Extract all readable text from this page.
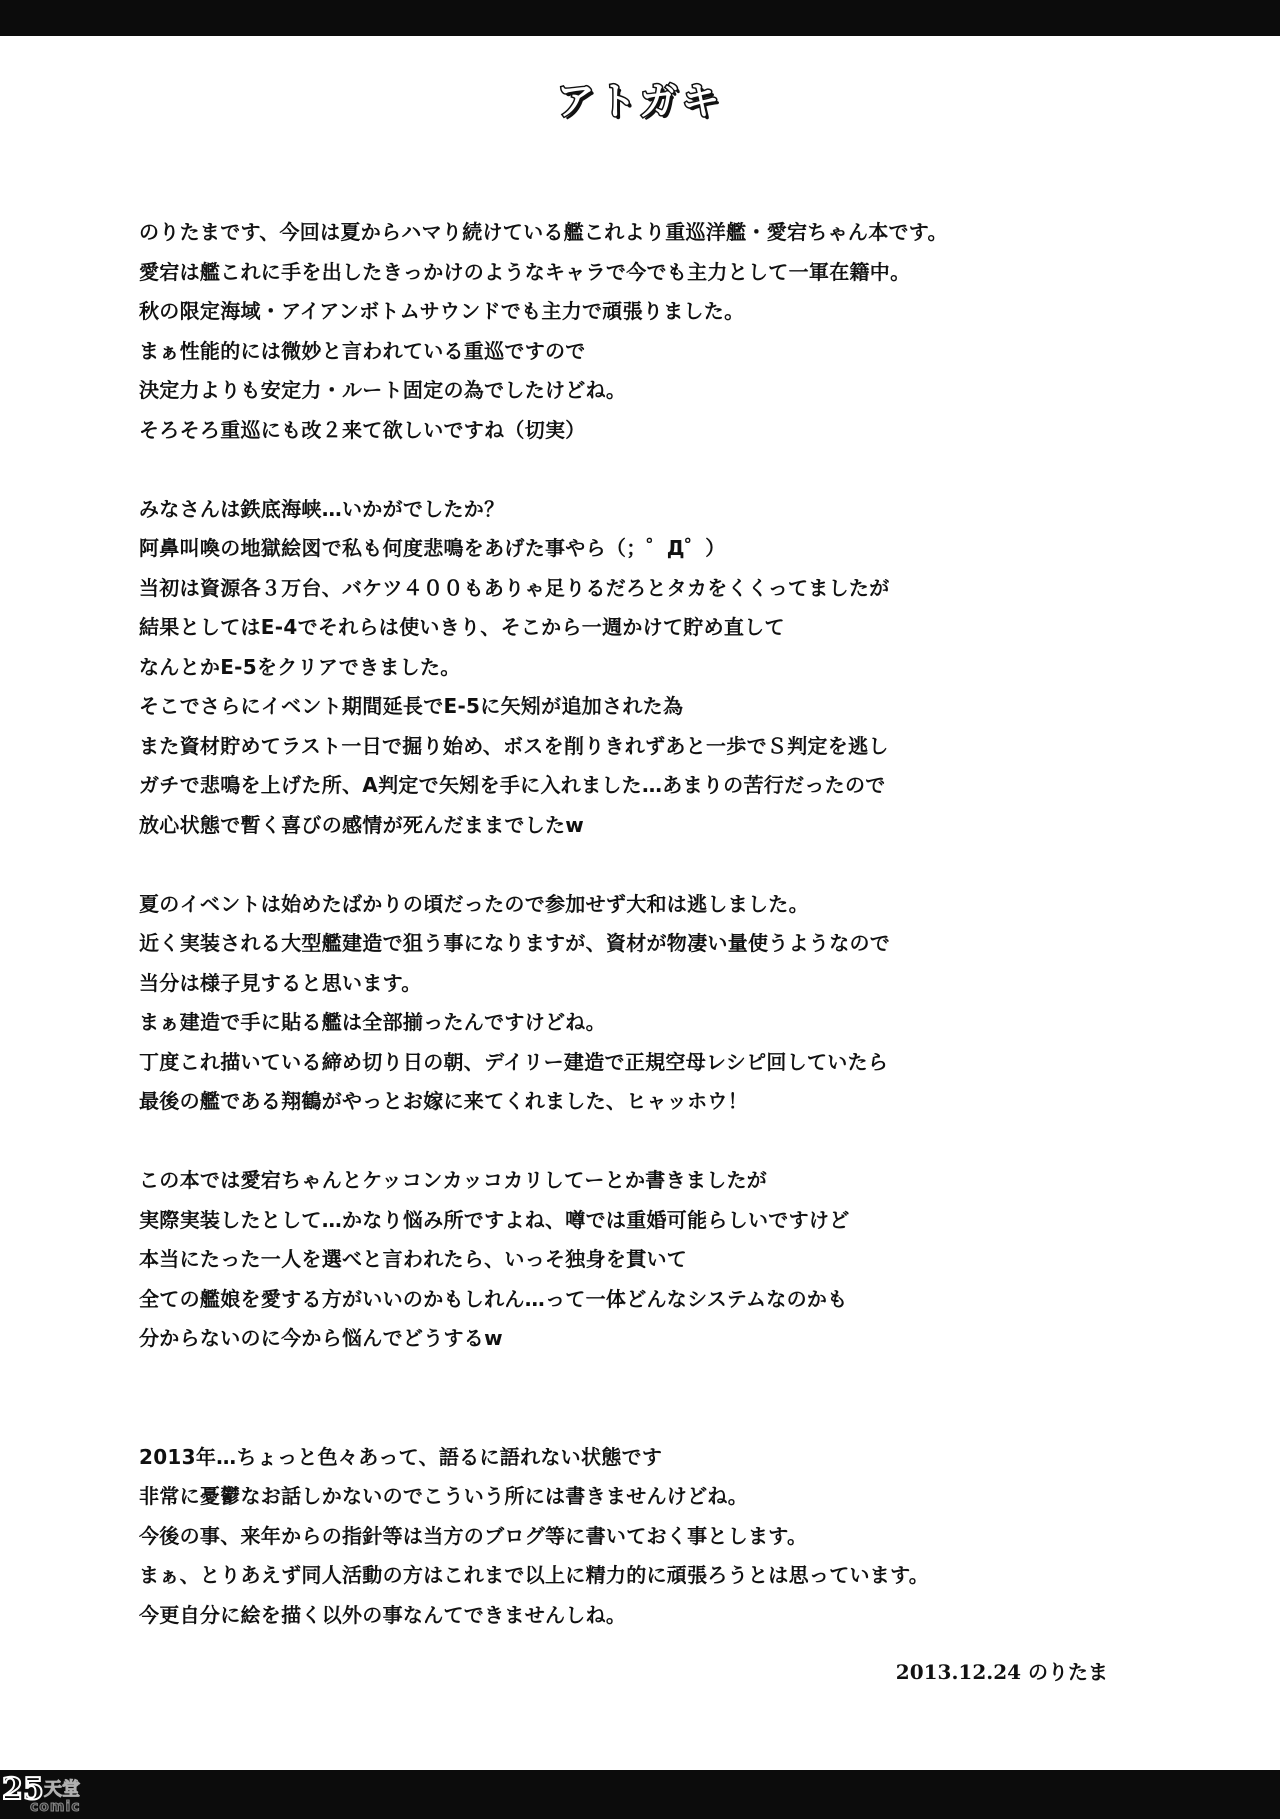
アトガキ
のりたまです、今回は夏からハマり続けている艦これより重巡洋艦・愛宕ちゃん本です。
愛宕は艦これに手を出したきっかけのようなキャラで今でも主力として一軍在籍中。
秋の限定海域・アイアンボトムサウンドでも主力で頑張りました。
まぁ性能的には微妙と言われている重巡ですので
決定力よりも安定力・ルート固定の為でしたけどね。
そろそろ重巡にも改２来て欲しいですね（切実）
みなさんは鉄底海峡…いかがでしたか？
阿鼻叫喚の地獄絵図で私も何度悲鳴をあげた事やら（；゜Д゜）
当初は資源各３万台、バケツ４００もありゃ足りるだろとタカをくくってましたが
結果としてはE-4でそれらは使いきり、そこから一週かけて貯め直して
なんとかE-5をクリアできました。
そこでさらにイベント期間延長でE-5に矢矧が追加された為
また資材貯めてラスト一日で掘り始め、ボスを削りきれずあと一歩でＳ判定を逃し
ガチで悲鳴を上げた所、A判定で矢矧を手に入れました…あまりの苦行だったので
放心状態で暫く喜びの感情が死んだままでしたw
夏のイベントは始めたばかりの頃だったので参加せず大和は逃しました。
近く実装される大型艦建造で狙う事になりますが、資材が物凄い量使うようなので
当分は様子見すると思います。
まぁ建造で手に貼る艦は全部揃ったんですけどね。
丁度これ描いている締め切り日の朝、デイリー建造で正規空母レシピ回していたら
最後の艦である翔鶴がやっとお嫁に来てくれました、ヒャッホウ！
この本では愛宕ちゃんとケッコンカッコカリしてーとか書きましたが
実際実装したとして…かなり悩み所ですよね、噂では重婚可能らしいですけど
本当にたった一人を選べと言われたら、いっそ独身を貫いて
全ての艦娘を愛する方がいいのかもしれん…って一体どんなシステムなのかも
分からないのに今から悩んでどうするw
2013年…ちょっと色々あって、語るに語れない状態です
非常に憂鬱なお話しかないのでこういう所には書きませんけどね。
今後の事、来年からの指針等は当方のブログ等に書いておく事とします。
まぁ、とりあえず同人活動の方はこれまで以上に精力的に頑張ろうとは思っています。
今更自分に絵を描く以外の事なんてできませんしね。
2013.12.24 のりたま
25 天堂
comic
